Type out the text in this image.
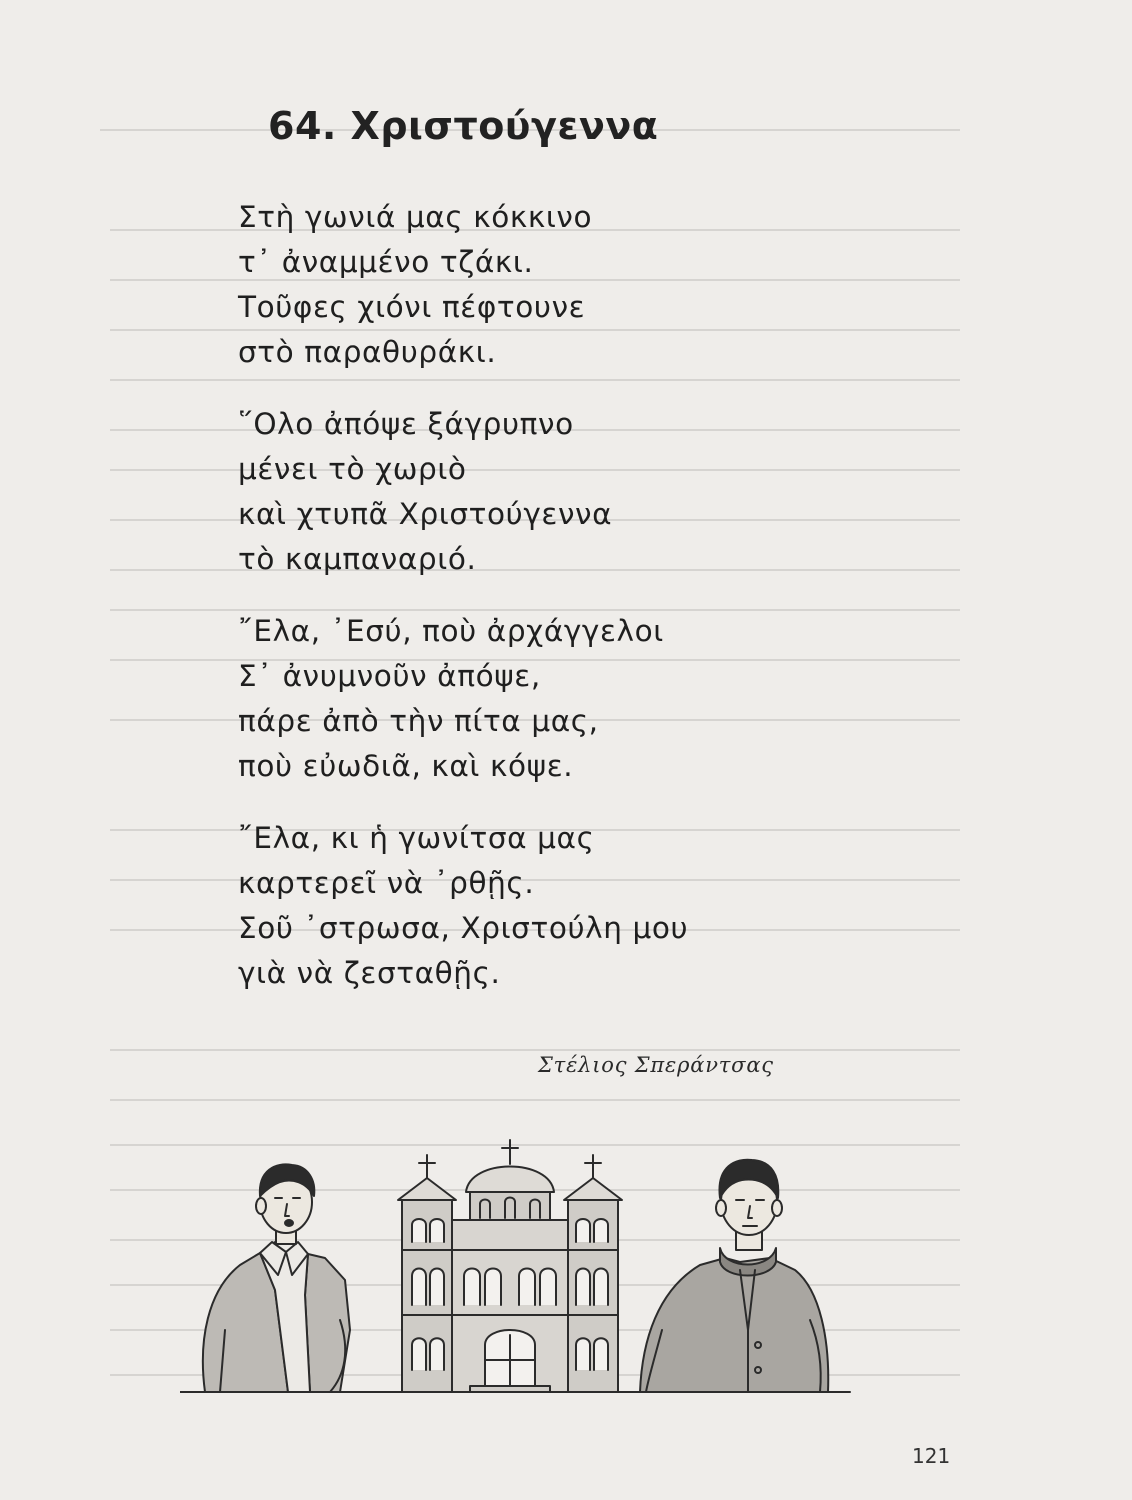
64. Χριστούγεννα
Στὴ γωνιά μας κόκκινο
τ᾽ ἀναμμένο τζάκι.
Τοῦφες χιόνι πέφτουνε
στὸ παραθυράκι.
῞Ολο ἀπόψε ξάγρυπνο
μένει τὸ χωριὸ
καὶ χτυπᾶ Χριστούγεννα
τὸ καμπαναριό.
῎Ελα, ᾽Εσύ, ποὺ ἀρχάγγελοι
Σ᾽ ἀνυμνοῦν ἀπόψε,
πάρε ἀπὸ τὴν πίτα μας,
ποὺ εὐωδιᾶ, καὶ κόψε.
῎Ελα, κι ἡ γωνίτσα μας
καρτερεῖ νὰ ᾽ρθῇς.
Σοῦ ᾽στρωσα, Χριστούλη μου
γιὰ νὰ ζεσταθῇς.
Στέλιος Σπεράντσας
121
